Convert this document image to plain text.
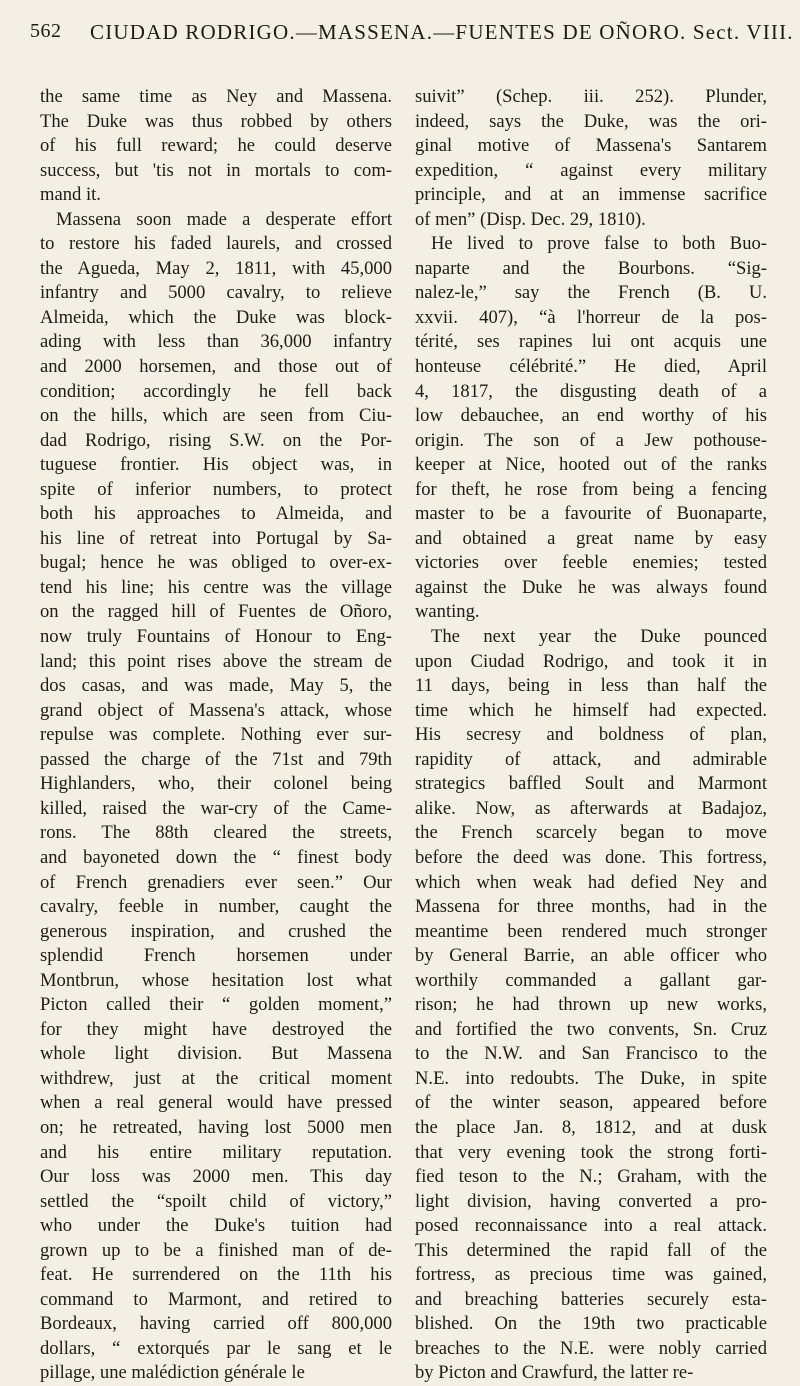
562 CIUDAD RODRIGO.—MASSENA.—FUENTES DE OÑORO. Sect. VIII.
the same time as Ney and Massena.
The Duke was thus robbed by others
of his full reward; he could deserve
success, but 'tis not in mortals to com-
mand it.
Massena soon made a desperate effort
to restore his faded laurels, and crossed
the Agueda, May 2, 1811, with 45,000
infantry and 5000 cavalry, to relieve
Almeida, which the Duke was block-
ading with less than 36,000 infantry
and 2000 horsemen, and those out of
condition; accordingly he fell back
on the hills, which are seen from Ciu-
dad Rodrigo, rising S.W. on the Por-
tuguese frontier. His object was, in
spite of inferior numbers, to protect
both his approaches to Almeida, and
his line of retreat into Portugal by Sa-
bugal; hence he was obliged to over-ex-
tend his line; his centre was the village
on the ragged hill of Fuentes de Oñoro,
now truly Fountains of Honour to Eng-
land; this point rises above the stream de
dos casas, and was made, May 5, the
grand object of Massena's attack, whose
repulse was complete. Nothing ever sur-
passed the charge of the 71st and 79th
Highlanders, who, their colonel being
killed, raised the war-cry of the Came-
rons. The 88th cleared the streets,
and bayoneted down the “ finest body
of French grenadiers ever seen.” Our
cavalry, feeble in number, caught the
generous inspiration, and crushed the
splendid French horsemen under
Montbrun, whose hesitation lost what
Picton called their “ golden moment,”
for they might have destroyed the
whole light division. But Massena
withdrew, just at the critical moment
when a real general would have pressed
on; he retreated, having lost 5000 men
and his entire military reputation.
Our loss was 2000 men. This day
settled the “spoilt child of victory,”
who under the Duke's tuition had
grown up to be a finished man of de-
feat. He surrendered on the 11th his
command to Marmont, and retired to
Bordeaux, having carried off 800,000
dollars, “ extorqués par le sang et le
pillage, une malédiction générale le
suivit” (Schep. iii. 252). Plunder,
indeed, says the Duke, was the ori-
ginal motive of Massena's Santarem
expedition, “ against every military
principle, and at an immense sacrifice
of men” (Disp. Dec. 29, 1810).
He lived to prove false to both Buo-
naparte and the Bourbons. “Sig-
nalez-le,” say the French (B. U.
xxvii. 407), “à l'horreur de la pos-
térité, ses rapines lui ont acquis une
honteuse célébrité.” He died, April
4, 1817, the disgusting death of a
low debauchee, an end worthy of his
origin. The son of a Jew pothouse-
keeper at Nice, hooted out of the ranks
for theft, he rose from being a fencing
master to be a favourite of Buonaparte,
and obtained a great name by easy
victories over feeble enemies; tested
against the Duke he was always found
wanting.
The next year the Duke pounced
upon Ciudad Rodrigo, and took it in
11 days, being in less than half the
time which he himself had expected.
His secresy and boldness of plan,
rapidity of attack, and admirable
strategics baffled Soult and Marmont
alike. Now, as afterwards at Badajoz,
the French scarcely began to move
before the deed was done. This fortress,
which when weak had defied Ney and
Massena for three months, had in the
meantime been rendered much stronger
by General Barrie, an able officer who
worthily commanded a gallant gar-
rison; he had thrown up new works,
and fortified the two convents, Sn. Cruz
to the N.W. and San Francisco to the
N.E. into redoubts. The Duke, in spite
of the winter season, appeared before
the place Jan. 8, 1812, and at dusk
that very evening took the strong forti-
fied teson to the N.; Graham, with the
light division, having converted a pro-
posed reconnaissance into a real attack.
This determined the rapid fall of the
fortress, as precious time was gained,
and breaching batteries securely esta-
blished. On the 19th two practicable
breaches to the N.E. were nobly carried
by Picton and Crawfurd, the latter re-
